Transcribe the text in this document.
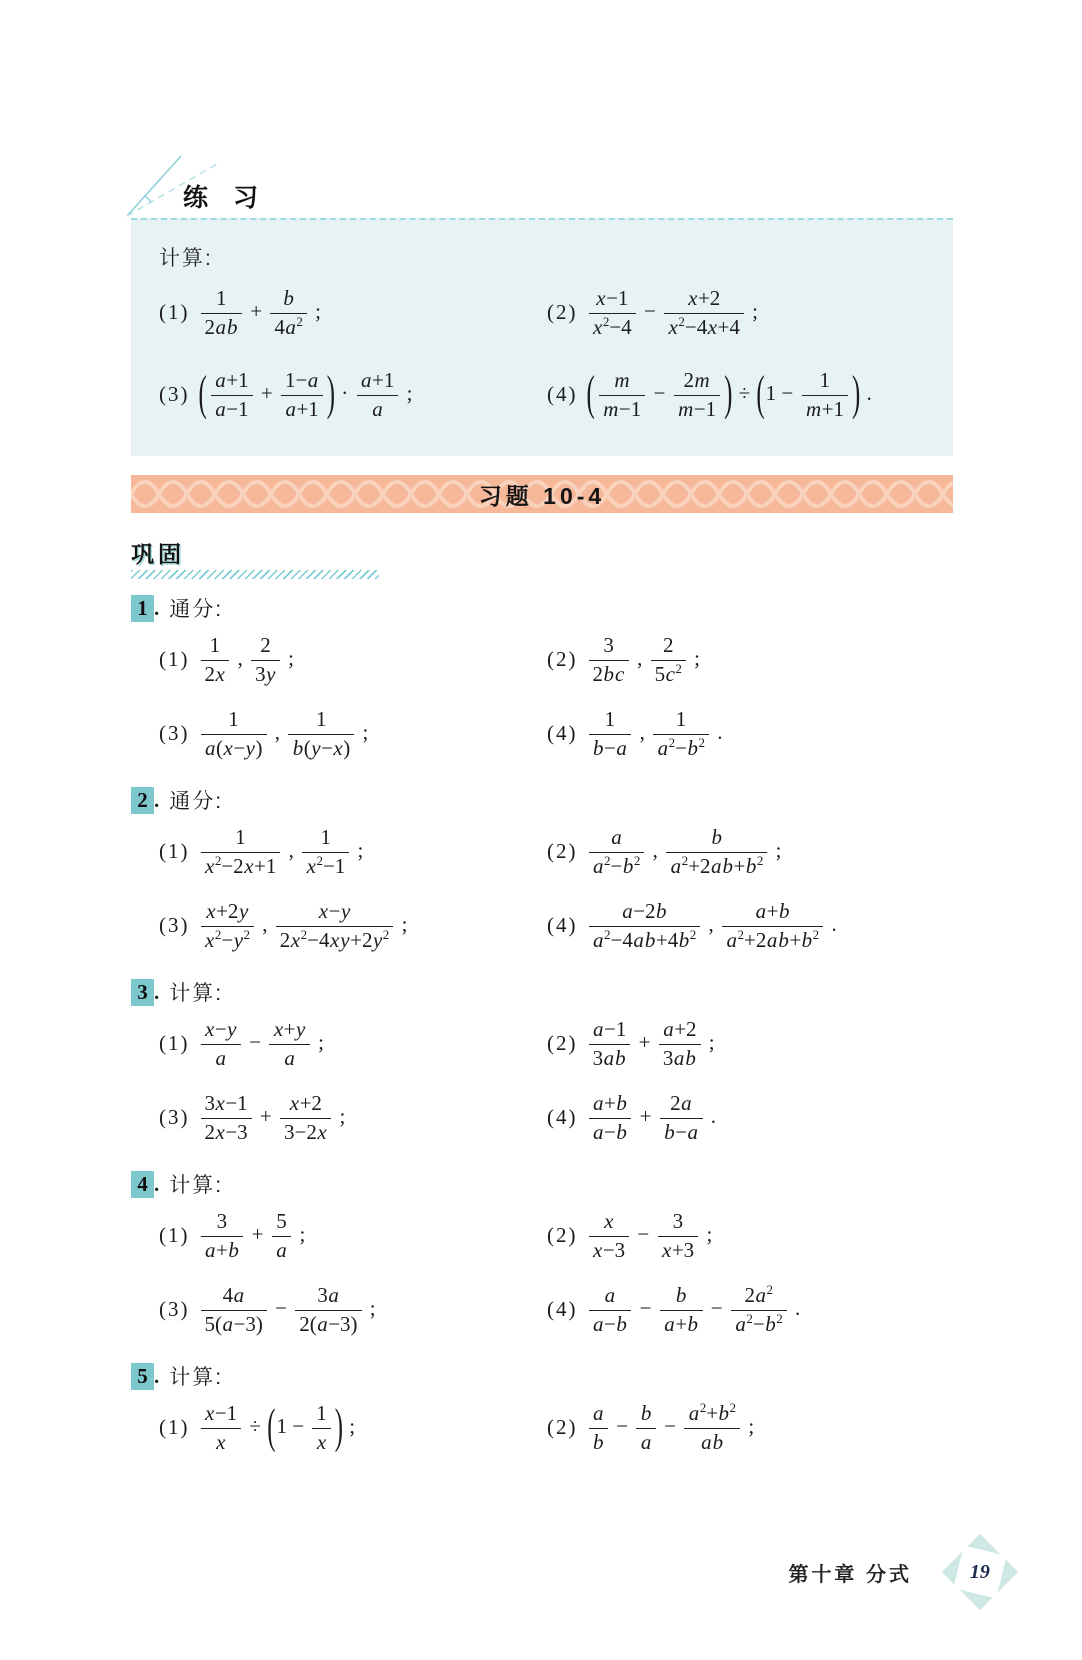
练 习
计算:
$(1) \frac{1}{2ab} + \frac{b}{4a^2}$ ;	$(2) \frac{x-1}{x^2-4} - \frac{x+2}{x^2-4x+4}$ ;
(3) ( $\frac{a+1}{a-1} + \frac{1-a}{a+1}$ ) · $\frac{a+1}{a}$ ;	(4) ( $\frac{m}{m-1} - \frac{2m}{m-1}$ ) ÷ ($1 - \frac{1}{m+1}$ ) .
习题 10-4
巩固
1 . 通分:
$(1) \frac{1}{2x}$ , $\frac{2}{3y}$ ;	$(2) \frac{3}{2bc}$ , $\frac{2}{5c^2}$ ;
$(3) \frac{1}{a(x-y)}$ , $\frac{1}{b(y-x)}$ ;	$(4) \frac{1}{b-a}$ , $\frac{1}{a^2-b^2}$ .
2 . 通分:
$(1) \frac{1}{x^2-2x+1}$ , $\frac{1}{x^2-1}$ ;	$(2) \frac{a}{a^2-b^2}$ , $\frac{b}{a^2+2ab+b^2}$ ;
$(3) \frac{x+2y}{x^2-y^2}$ , $\frac{x-y}{2x^2-4xy+2y^2}$ ;	$(4) \frac{a-2b}{a^2-4ab+4b^2}$ , $\frac{a+b}{a^2+2ab+b^2}$ .
3 . 计算:
$(1) \frac{x-y}{a} - \frac{x+y}{a}$ ;	$(2) \frac{a-1}{3ab} + \frac{a+2}{3ab}$ ;
$(3) \frac{3x-1}{2x-3} + \frac{x+2}{3-2x}$ ;	$(4) \frac{a+b}{a-b} + \frac{2a}{b-a}$ .
4 . 计算:
$(1) \frac{3}{a+b} + \frac{5}{a}$ ;	$(2) \frac{x}{x-3} - \frac{3}{x+3}$ ;
$(3) \frac{4a}{5(a-3)} - \frac{3a}{2(a-3)}$ ;	$(4) \frac{a}{a-b} - \frac{b}{a+b} - \frac{2a^2}{a^2-b^2}$ .
5 . 计算:
$(1) \frac{x-1}{x} \div (1 - \frac{1}{x}$ ) ;	$(2) \frac{a}{b} - \frac{b}{a} - \frac{a^2+b^2}{ab}$ ;
第十章 分式	19
